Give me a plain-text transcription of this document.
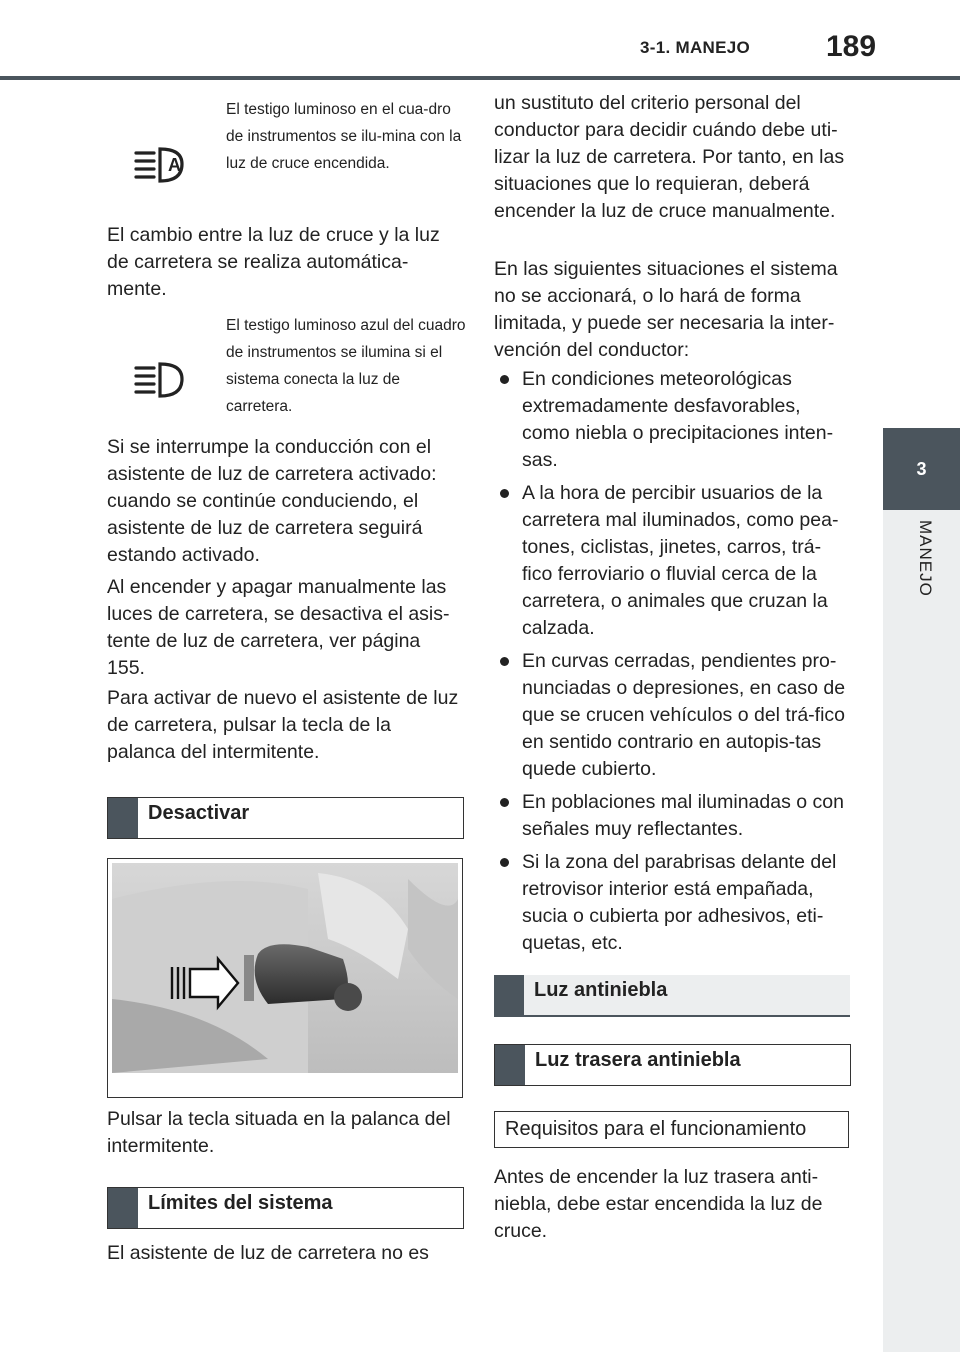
3-1. MANEJO	189
3
MANEJO
A

El testigo luminoso en el cua-dro de instrumentos se ilu-mina con la luz de cruce encendida.

El cambio entre la luz de cruce y la luz de carretera se realiza automática-mente.

El testigo luminoso azul del cuadro de instrumentos se ilumina si el sistema conecta la luz de carretera.

Si se interrumpe la conducción con el asistente de luz de carretera activado: cuando se continúe conduciendo, el asistente de luz de carretera seguirá estando activado.

Al encender y apagar manualmente las luces de carretera, se desactiva el asis-tente de luz de carretera, ver página 155.

Para activar de nuevo el asistente de luz de carretera, pulsar la tecla de la palanca del intermitente.

Desactivar

Pulsar la tecla situada en la palanca del intermitente.

Límites del sistema

El asistente de luz de carretera no es

un sustituto del criterio personal del conductor para decidir cuándo debe uti-lizar la luz de carretera. Por tanto, en las situaciones que lo requieran, deberá encender la luz de cruce manualmente.

En las siguientes situaciones el sistema no se accionará, o lo hará de forma limitada, y puede ser necesaria la inter-vención del conductor:

En condiciones meteorológicas extremadamente desfavorables, como niebla o precipitaciones inten-sas.
A la hora de percibir usuarios de la carretera mal iluminados, como pea-tones, ciclistas, jinetes, carros, trá-fico ferroviario o fluvial cerca de la carretera, o animales que cruzan la calzada.
En curvas cerradas, pendientes pro-nunciadas o depresiones, en caso de que se crucen vehículos o del trá-fico en sentido contrario en autopis-tas quede cubierto.
En poblaciones mal iluminadas o con señales muy reflectantes.
Si la zona del parabrisas delante del retrovisor interior está empañada, sucia o cubierta por adhesivos, eti-quetas, etc.
Luz antiniebla
Luz trasera antiniebla
Requisitos para el funcionamiento

Antes de encender la luz trasera anti-niebla, debe estar encendida la luz de cruce.
